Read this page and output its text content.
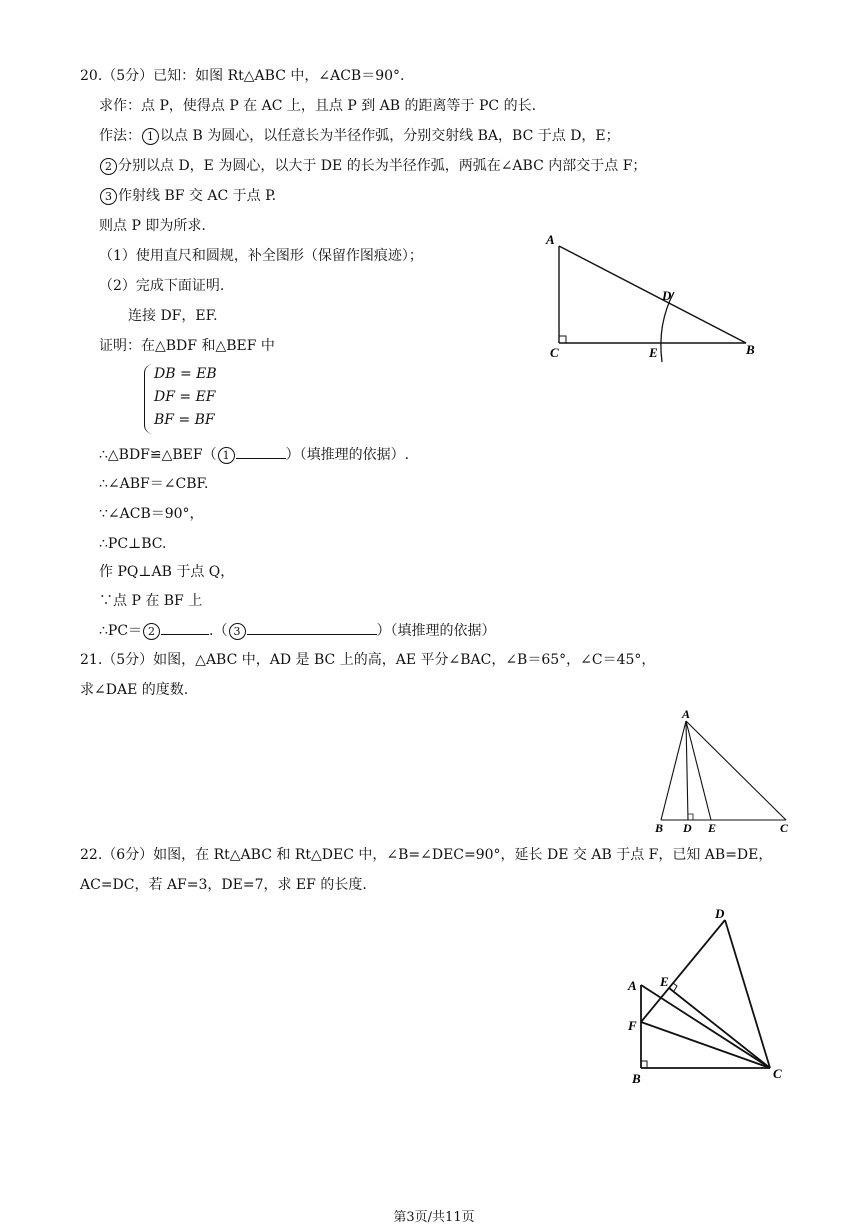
20.（5分）已知：如图 Rt△ABC 中，∠ACB＝90°.
求作：点 P，使得点 P 在 AC 上，且点 P 到 AB 的距离等于 PC 的长.
作法： 1 以点 B 为圆心，以任意长为半径作弧，分别交射线 BA，BC 于点 D，E；
2 分别以点 D，E 为圆心，以大于 DE 的长为半径作弧，两弧在∠ABC 内部交于点 F；
3 作射线 BF 交 AC 于点 P.
则点 P 即为所求.
（1）使用直尺和圆规，补全图形（保留作图痕迹）；
（2）完成下面证明.
连接 DF，EF.
证明：在△BDF 和△BEF 中
DB = EB
DF = EF
BF = BF
∴△BDF≌△BEF（ 1	）（填推理的依据）.
∴∠ABF＝∠CBF.
∵∠ACB＝90°，
∴PC⊥BC.
作 PQ⊥AB 于点 Q，
∵点 P 在 BF 上
∴PC＝ 2	.（ 3	）（填推理的依据）
A
C	E
D
B
21.（5分）如图，△ABC 中，AD 是 BC 上的高，AE 平分∠BAC，∠B＝65°，∠C＝45°，
求∠DAE 的度数.
A
B D E	C
22.（6分）如图，在 Rt△ABC 和 Rt△DEC 中，∠B=∠DEC=90°，延长 DE 交 AB 于点 F，已知 AB=DE，
AC=DC，若 AF=3，DE=7，求 EF 的长度.
D
E
A
F
B	C
第3页/共11页
